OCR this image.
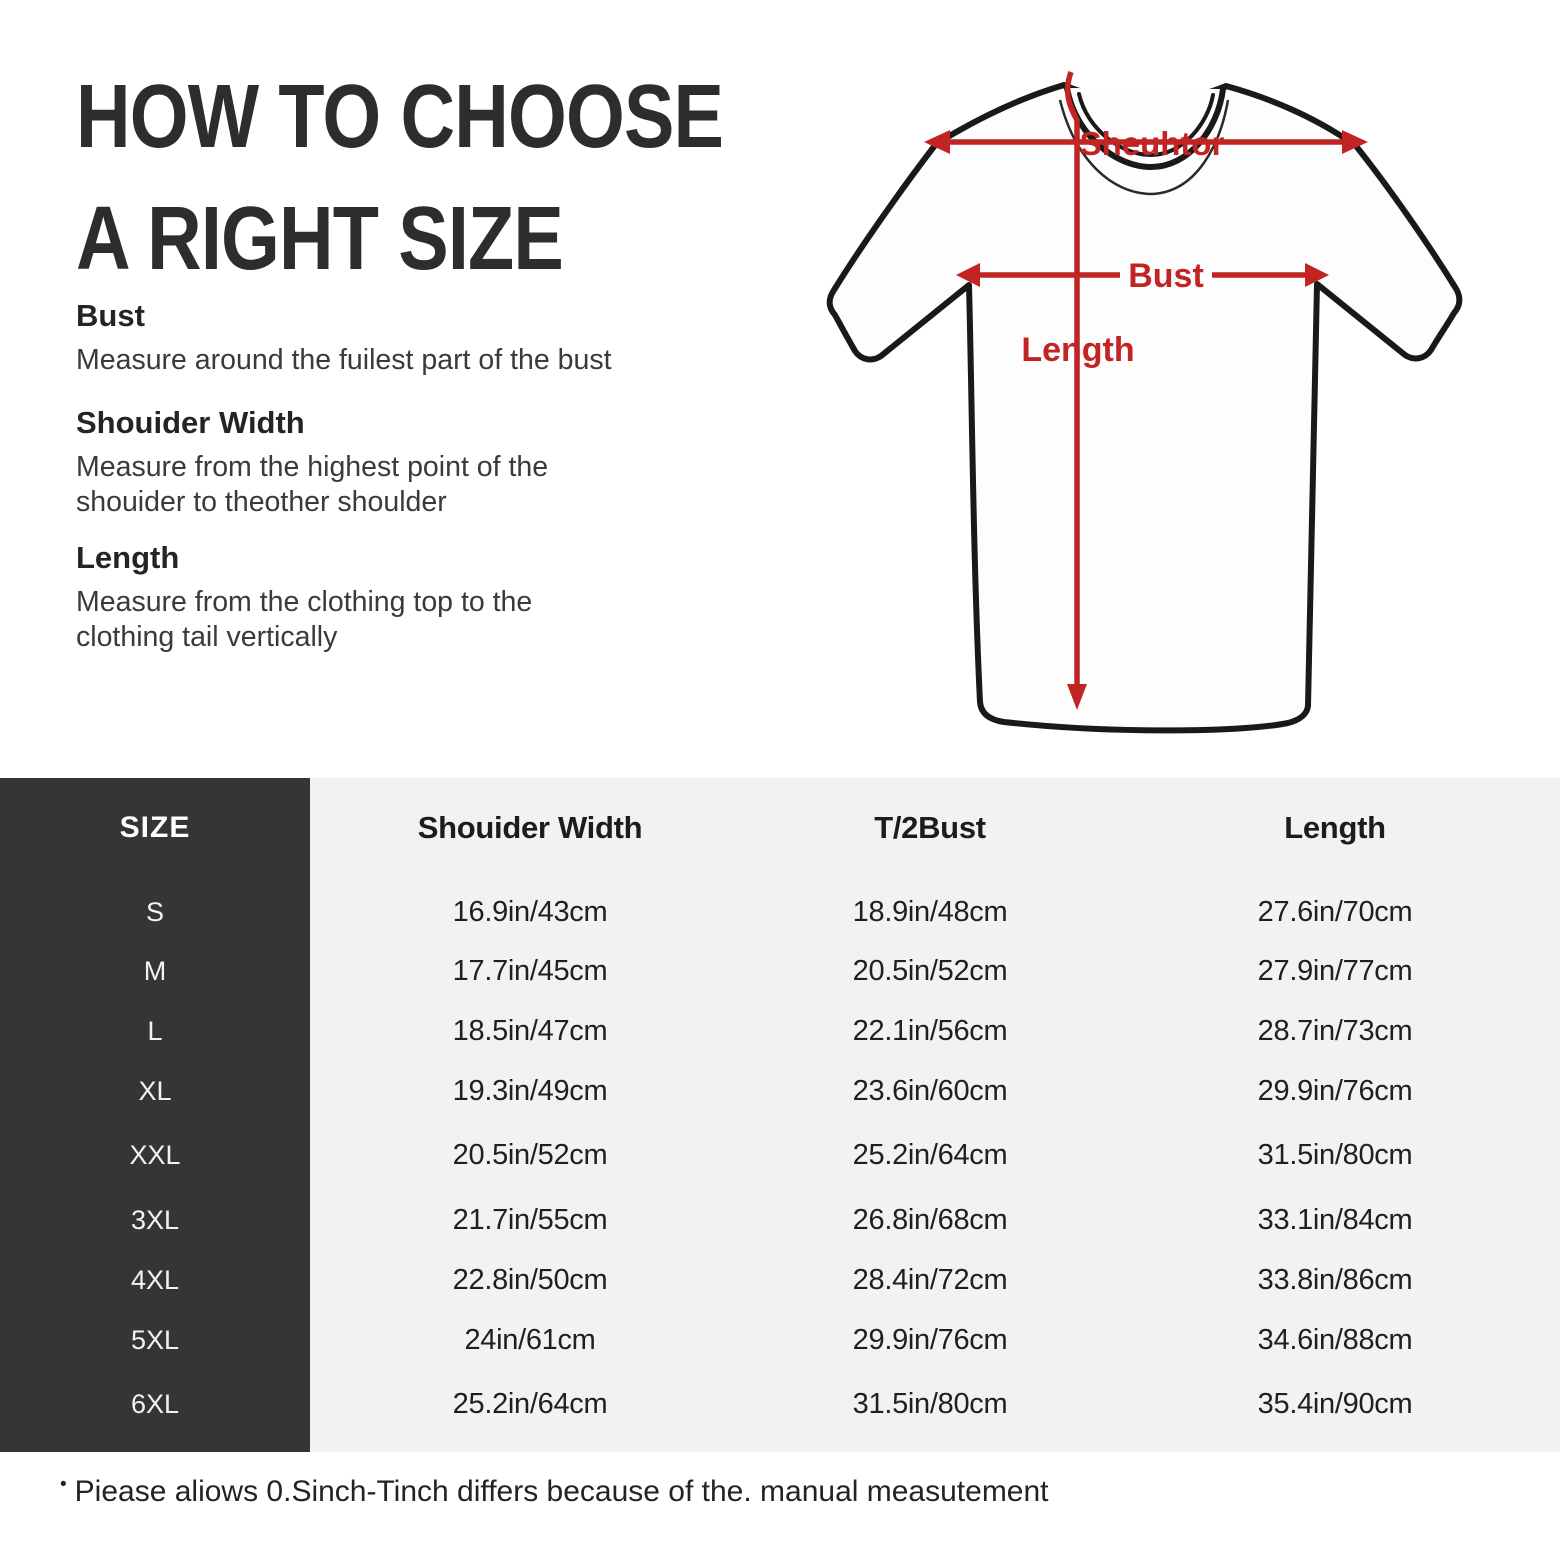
HOW TO CHOOSE
A RIGHT SIZE
Bust

Measure around the fuilest part of the bust

Shouider Width

Measure from the highest point of the shouider to theother shoulder

Length

Measure from the clothing top to the clothing tail vertically

Sheuhtor
Bust
Length
SIZE	Shouider Width	T/2Bust	Length
S	16.9in/43cm	18.9in/48cm	27.6in/70cm
M	17.7in/45cm	20.5in/52cm	27.9in/77cm
L	18.5in/47cm	22.1in/56cm	28.7in/73cm
XL	19.3in/49cm	23.6in/60cm	29.9in/76cm
XXL	20.5in/52cm	25.2in/64cm	31.5in/80cm
3XL	21.7in/55cm	26.8in/68cm	33.1in/84cm
4XL	22.8in/50cm	28.4in/72cm	33.8in/86cm
5XL	24in/61cm	29.9in/76cm	34.6in/88cm
6XL	25.2in/64cm	31.5in/80cm	35.4in/90cm
• Piease aliows 0.Sinch-Tinch differs because of the. manual measutement
